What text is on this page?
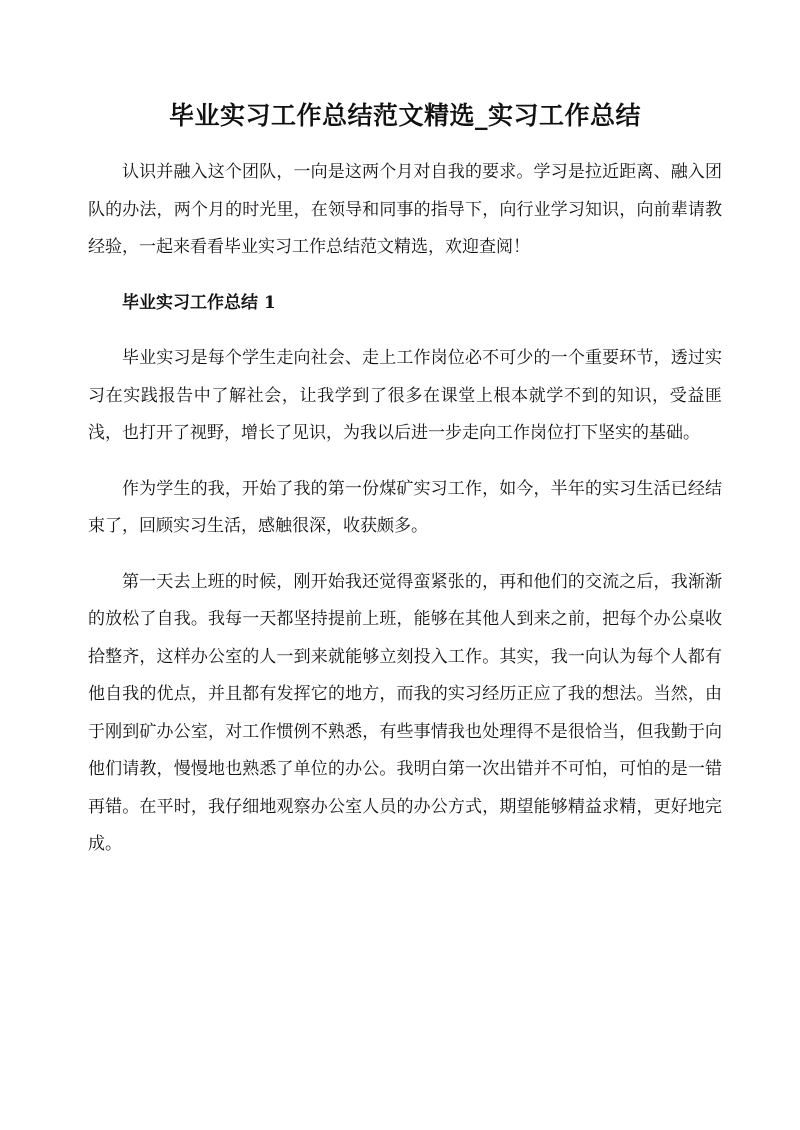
毕业实习工作总结范文精选_实习工作总结

认识并融入这个团队，一向是这两个月对自我的要求。学习是拉近距离、融入团队的办法，两个月的时光里，在领导和同事的指导下，向行业学习知识，向前辈请教经验，一起来看看毕业实习工作总结范文精选，欢迎查阅！

毕业实习工作总结 1

毕业实习是每个学生走向社会、走上工作岗位必不可少的一个重要环节，透过实习在实践报告中了解社会，让我学到了很多在课堂上根本就学不到的知识，受益匪浅，也打开了视野，增长了见识，为我以后进一步走向工作岗位打下坚实的基础。

作为学生的我，开始了我的第一份煤矿实习工作，如今，半年的实习生活已经结束了，回顾实习生活，感触很深，收获颇多。

第一天去上班的时候，刚开始我还觉得蛮紧张的，再和他们的交流之后，我渐渐的放松了自我。我每一天都坚持提前上班，能够在其他人到来之前，把每个办公桌收拾整齐，这样办公室的人一到来就能够立刻投入工作。其实，我一向认为每个人都有他自我的优点，并且都有发挥它的地方，而我的实习经历正应了我的想法。当然，由于刚到矿办公室，对工作惯例不熟悉，有些事情我也处理得不是很恰当，但我勤于向他们请教，慢慢地也熟悉了单位的办公。我明白第一次出错并不可怕，可怕的是一错再错。在平时，我仔细地观察办公室人员的办公方式，期望能够精益求精，更好地完成。
